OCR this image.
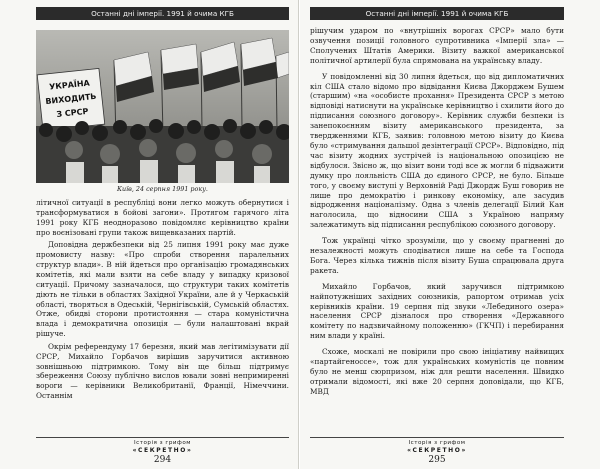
Останні дні імперії. 1991 й очима КГБ
УКРАЇНА
ВИХОДИТЬ
З СРСР
Київ, 24 серпня 1991 року.

літичної ситуації в республіці вони легко можуть обернутися і трансформуватися в бойові загони». Протягом гарячого літа 1991 року КГБ неодноразово повідомляє керівництво країни про воєнізовані групи також вищевказаних партій.

Доповідна держбезпеки від 25 липня 1991 року має дуже промовисту назву: «Про спроби створення паралельних структур влади». В ній йдеться про організацію громадянських комітетів, які мали взяти на себе владу у випадку кризової ситуації. Причому зазначалося, що структури таких комітетів діють не тільки в областях Західної України, але й у Черкаській області, творяться в Одеській, Чернігівській, Сумській областях. Отже, обидві сторони протистояння — стара комуністична влада і демократична опозиція — були налаштовані вкрай рішуче.

Окрім референдуму 17 березня, який мав легітимізувати дії СРСР, Михайло Горбачов вирішив заручитися активною зовнішньою підтримкою. Тому він ще більш підтримує збереження Союзу публічно вислов ювали зовні непримиренні вороги — керівники Великобританії, Франції, Німеччини. Останнім

Історія з грифом
«СЕКРЕТНО»
294
Останні дні імперії. 1991 й очима КГБ

рішучим ударом по «внутрішніх ворогах СРСР» мало бути озвучення позиції головного супротивника «Імперії зла» — Сполучених Штатів Америки. Візиту важкої американської політичної артилерії була спрямована на українську владу.

У повідомленні від 30 липня йдеться, що від дипломатичних кіл США стало відомо про відвідання Києва Джорджем Бушем (старшим) «на «особисте прохання» Президента СРСР з метою відповіді натиснути на українське керівництво і схилити його до підписання союзного договору». Керівник служби безпеки із занепокоєнням візиту американського президента, за твердженнями КГБ, заявив: головною метою візиту до Києва було «стримування дальшої дезінтеграції СРСР». Відповідно, під час візиту жодних зустрічей із національною опозицією не відбулося. Звісно ж, що візит вони тоді все ж могли б підважити думку про лояльність США до єдиного СРСР, не було. Більше того, у своєму виступі у Верховній Раді Джордж Буш говорив не лише про демократію і ринкову економіку, але засудив відродження націоналізму. Одна з членів делегації Білий Кан наголосила, що відносини США з Україною напряму залежатимуть від підписання республікою союзного договору.

Тож українці чітко зрозуміли, що у своєму прагненні до незалежності можуть сподіватися лише на себе та Господа Бога. Через кілька тижнів після візиту Буша спрацювала друга ракета.

Михайло Горбачов, який заручився підтримкою найпотужніших західних союзників, рапортом отримав усіх керівників країни. 19 серпня під звуки «Лебединого озера» населення СРСР дізналося про створення «Державного комітету по надзвичайному положенню» (ГКЧП) і перебирання ним влади у країні.

Схоже, москалі не повірили про свою ініціативу найвищих «партайгеноссе», тож для українських комуністів це повним було не менш сюрпризом, ніж для решти населення. Швидко отримали відомості, які вже 20 серпня доповідали, що КГБ, МВД

Історія з грифом
«СЕКРЕТНО»
295
